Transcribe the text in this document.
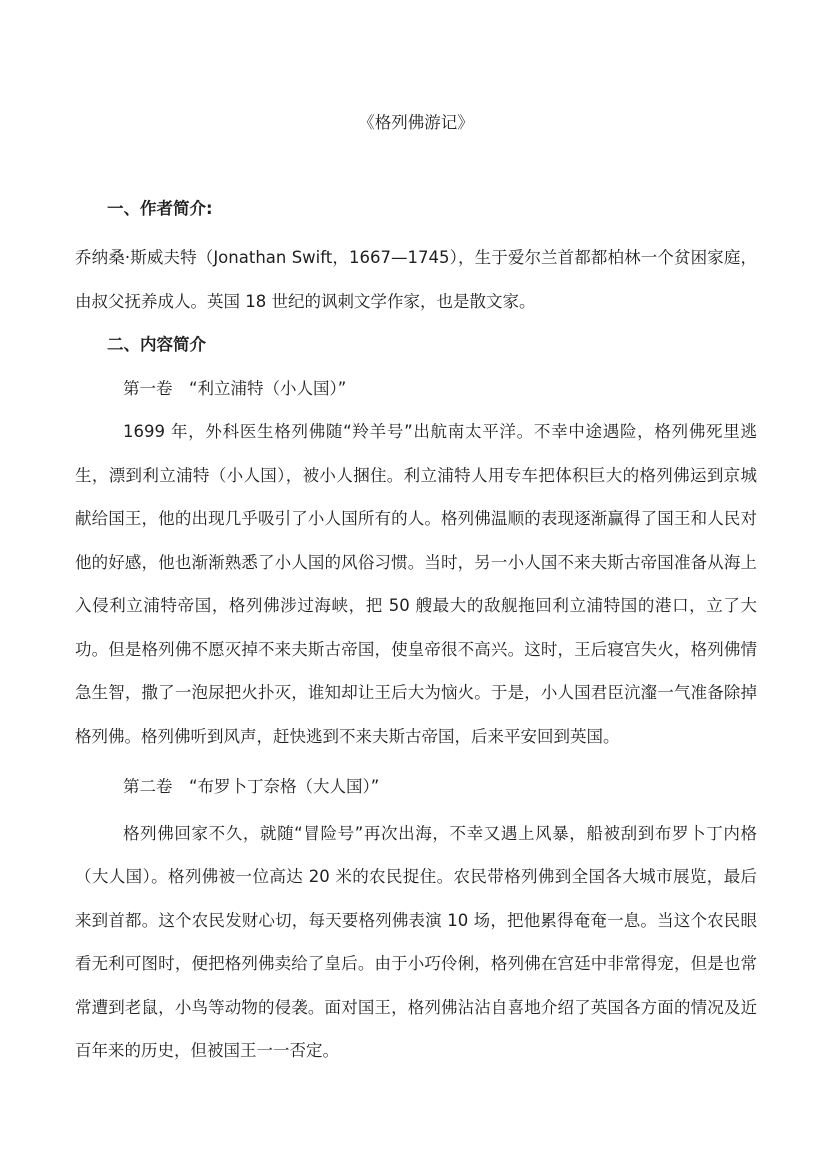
《格列佛游记》
一、作者简介:

乔纳桑·斯威夫特（Jonathan Swift，1667—1745），生于爱尔兰首都都柏林一个贫困家庭，由叔父抚养成人。英国 18 世纪的讽刺文学作家，也是散文家。

二、内容简介

第一卷　“利立浦特（小人国）”

1699 年，外科医生格列佛随“羚羊号”出航南太平洋。不幸中途遇险，格列佛死里逃生，漂到利立浦特（小人国），被小人捆住。利立浦特人用专车把体积巨大的格列佛运到京城献给国王，他的出现几乎吸引了小人国所有的人。格列佛温顺的表现逐渐赢得了国王和人民对他的好感，他也渐渐熟悉了小人国的风俗习惯。当时，另一小人国不来夫斯古帝国准备从海上入侵利立浦特帝国，格列佛涉过海峡，把 50 艘最大的敌舰拖回利立浦特国的港口，立了大功。但是格列佛不愿灭掉不来夫斯古帝国，使皇帝很不高兴。这时，王后寝宫失火，格列佛情急生智，撒了一泡尿把火扑灭，谁知却让王后大为恼火。于是，小人国君臣沆瀣一气准备除掉格列佛。格列佛听到风声，赶快逃到不来夫斯古帝国，后来平安回到英国。

第二卷　“布罗卜丁奈格（大人国）”

格列佛回家不久，就随“冒险号”再次出海，不幸又遇上风暴，船被刮到布罗卜丁内格（大人国）。格列佛被一位高达 20 米的农民捉住。农民带格列佛到全国各大城市展览，最后来到首都。这个农民发财心切，每天要格列佛表演 10 场，把他累得奄奄一息。当这个农民眼看无利可图时，便把格列佛卖给了皇后。由于小巧伶俐，格列佛在宫廷中非常得宠，但是也常常遭到老鼠，小鸟等动物的侵袭。面对国王，格列佛沾沾自喜地介绍了英国各方面的情况及近百年来的历史，但被国王一一否定。
